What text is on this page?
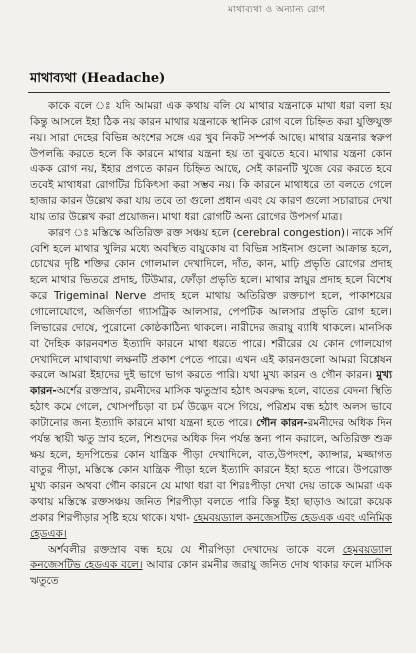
মাথাব্যথা ও অন্যান্য রোগ
মাথাব্যথা (Headache)

কাকে বলে ঃ যদি আমরা এক কথায় বলি যে মাথার যন্ত্রনাকে মাথা ধরা বলা হয় কিন্তু আসলে ইহা ঠিক নয় কারন মাথার যন্ত্রনাকে স্থানিক রোগ বলে চিহ্নিত করা যুক্তিযুক্ত নয়। সারা দেহের বিভিন্ন অংশের সঙ্গে এর খুব নিকট সম্পর্ক আছে। মাথার যন্ত্রনার স্বরুপ উপলব্ধি করতে হলে কি কারনে মাথার যন্ত্রনা হয় তা বুঝতে হবে। মাথার যন্ত্রনা কোন একক রোগ নয়, ইহার প্রগতে কারন চিহ্নিত আছে, সেই কারনটি খুজে বের করতে হবে তবেই মাথাধরা রোগটির চিকিৎসা করা সম্ভব নয়। কি কারনে মাথাধরে তা বলতে গেলে হাজার কারন উল্লেখ করা যায় তবে তা গুলো প্রধান এবং যে কারণ গুলো সচারাচর দেখা যায় তার উল্লেখ করা প্রয়োজন। মাথা ধরা রোগটি অন্য রোগের উপসর্গ মাত্র।

কারণ ঃ মস্তিস্কে অতিরিক্ত রক্ত সঞ্চয় হলে (cerebral congestion)। নাকে সর্দি বেশি হলে মাথার খুলির মধ্যে অবস্থিত বায়ুকোষ বা বিভিন্ন সাইনাস গুলো আক্রান্ত হলে, চোখের দৃষ্টি শক্তির কোন গোলমাল দেখাদিলে, দাঁত, কান, মাঢ়ি প্রভৃতি রোগের প্রদাহ হলে মাথার ভিতরে প্রদাহ, টিউমার, ফোঁড়া প্রভৃতি হলে। মাথার স্নায়ুর প্রদাহ হলে বিশেষ করে Trigeminal Nerve প্রদাহ হলে মাথায় অতিরিক্ত রক্তচাপ হলে, পাকাশয়ের গোলোযোগে, অজির্ণতা গ্যাসট্রিক আলসার, পেপটিক আলসার প্রভৃতি রোগ হলে। লিভারের দোষে, পুরোনো কোষ্ঠকাঠিন্য থাকলে। নারীদের জরায়ু ব্যাধি থাকলে। মানসিক বা দৈহিক কারনবশত ইত্যাদি কারনে মাথা ধরতে পারে। শরীরের যে কোন গোলযোগ দেখাদিলে মাথাব্যথা লক্ষনটি প্রকাশ পেতে পারে। এখন এই কারনগুলো আমরা বিশ্লেষন করলে আমরা ইহাদের দুই ভাগে ভাগ করতে পারি। যথা মুখ্য কারন ও গৌন কারন। মুখ্য কারন-অর্শের রক্তস্রাব, রমনীদের মাসিক ঋতুস্রাব হঠাৎ অবরুদ্ধ হলে, বাতের বেদনা স্থিতি হঠাৎ কমে গেলে, খোসপাঁচড়া বা চর্ম উদ্ভেদ বসে গিয়ে, পরিশ্রম বন্ধ হঠাৎ অলস ভাবে কাটানোর জন্য ইত্যাদি কারনে মাথা যন্ত্রনা হতে পারে। গৌন কারন-রমনীদের অধিক দিন পর্যন্ত স্থায়ী ঋতু স্রাব হলে, শিশুদের অধিক দিন পর্যন্ত স্তন্য পান করালে, অতিরিক্ত শুক্র ক্ষয় হলে, হৃদপিন্ডের কোন যান্ত্রিক পীড়া দেখাদিলে, বাত,উপদংশ, ক্যান্সার, মজ্জাগত বাতুর পীড়া, মস্তিস্কে কোন যান্ত্রিক পীড়া হলে ইত্যাদি কারনে ইহা হতে পারে। উপরোক্ত মুখ্য কারন অথবা গৌন কারনে যে মাথা ধরা বা শিরঃপীড়া দেখা দেয় তাকে আমরা এক কথায় মস্তিস্কে রক্তসঞ্চয় জনিত শিরপীড়া বলতে পারি কিন্তু ইহা ছাড়াও আরো কয়েক প্রকার শিরপীড়ার সৃষ্টি হয়ে থাকে। যথা- হেমবয়ড্যাল কনজেসটিভ হেডএক এবং এনিমিক হেডএক।

অর্শবলীর রক্তস্রাব বন্ধ হয়ে যে শীরপিড়া দেখাদেয় তাকে বলে হেমবয়ড্যাল কনজেসটিভ হেডএক বলে। আবার কোন রমনীর জরায়ু জনিত দোষ থাকার ফলে মাসিক ঋতুতে
